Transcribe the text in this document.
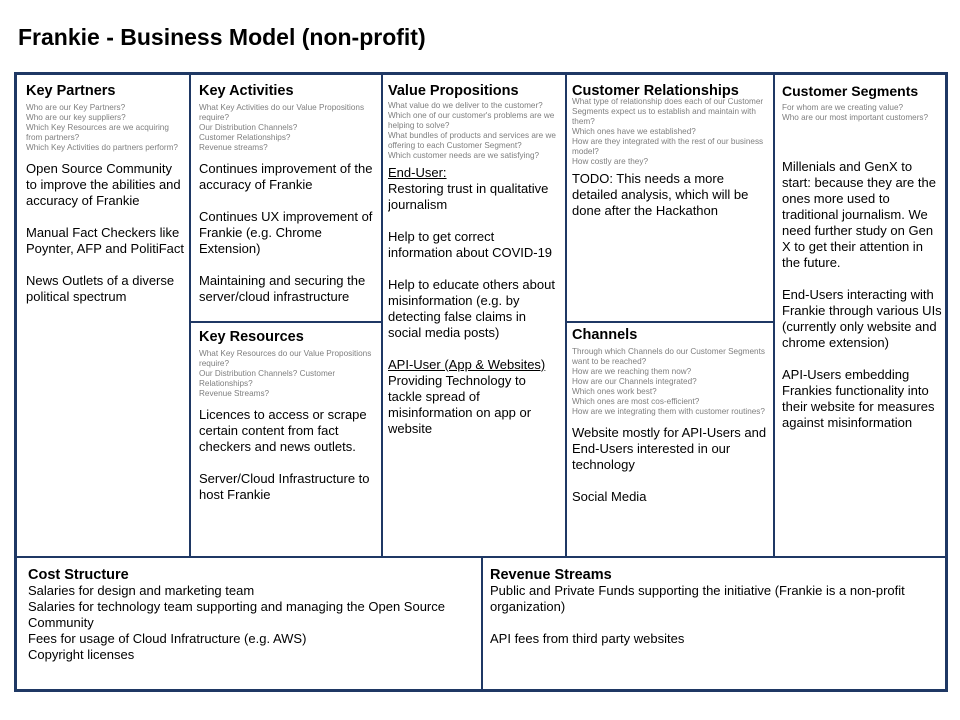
Frankie - Business Model (non-profit)
Key Partners
Who are our Key Partners?
Who are our key suppliers?
Which Key Resources are we acquiring from partners?
Which Key Activities do partners perform?

Open Source Community to improve the abilities and accuracy of Frankie

Manual Fact Checkers like Poynter, AFP and PolitiFact

News Outlets of a diverse political spectrum

Key Activities
What Key Activities do our Value Propositions require?
Our Distribution Channels?
Customer Relationships?
Revenue streams?

Continues improvement of the accuracy of Frankie

Continues UX improvement of Frankie (e.g. Chrome Extension)

Maintaining and securing the server/cloud infrastructure

Key Resources
What Key Resources do our Value Propositions require?
Our Distribution Channels? Customer Relationships?
Revenue Streams?

Licences to access or scrape certain content from fact checkers and news outlets.

Server/Cloud Infrastructure to host Frankie

Value Propositions
What value do we deliver to the customer?
Which one of our customer's problems are we helping to solve?
What bundles of products and services are we offering to each Customer Segment?
Which customer needs are we satisfying?

End-User:
Restoring trust in qualitative journalism

Help to get correct information about COVID-19

Help to educate others about misinformation (e.g. by detecting false claims in social media posts)

API-User (App & Websites)
Providing Technology to tackle spread of misinformation on app or website

Customer Relationships
What type of relationship does each of our Customer Segments expect us to establish and maintain with them?
Which ones have we established?
How are they integrated with the rest of our business model?
How costly are they?
TODO: This needs a more detailed analysis, which will be done after the Hackathon
Channels
Through which Channels do our Customer Segments want to be reached?
How are we reaching them now?
How are our Channels integrated?
Which ones work best?
Which ones are most cos-efficient?
How are we integrating them with customer routines?

Website mostly for API-Users and End-Users interested in our technology

Social Media

Customer Segments
For whom are we creating value?
Who are our most important customers?

Millenials and GenX to start: because they are the ones more used to traditional journalism. We need further study on Gen X to get their attention in the future.

End-Users interacting with Frankie through various UIs (currently only website and chrome extension)

API-Users embedding Frankies functionality into their website for measures against misinformation

Cost Structure
Salaries for design and marketing team
Salaries for technology team supporting and managing the Open Source Community
Fees for usage of Cloud Infratructure (e.g. AWS)
Copyright licenses
Revenue Streams

Public and Private Funds supporting the initiative (Frankie is a non-profit organization)

API fees from third party websites
